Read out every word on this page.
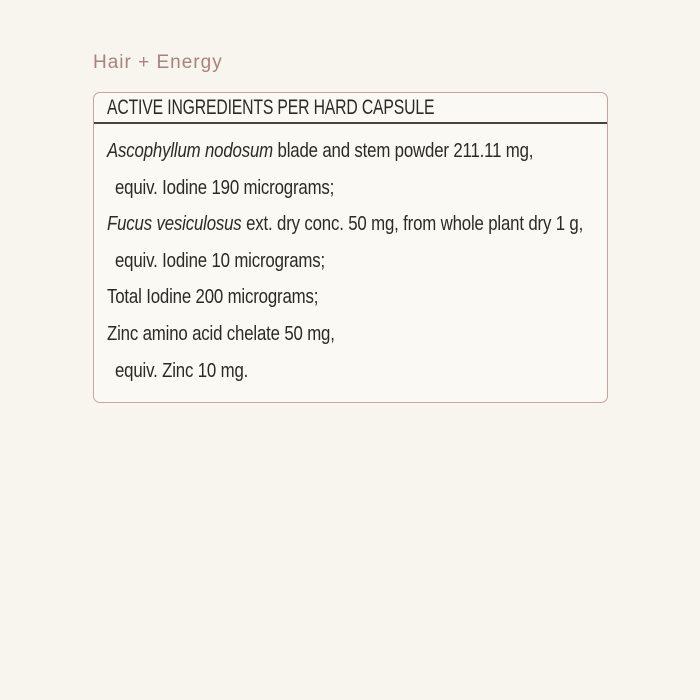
Hair + Energy
ACTIVE INGREDIENTS PER HARD CAPSULE
Ascophyllum nodosum blade and stem powder 211.11 mg,
equiv. Iodine 190 micrograms;
Fucus vesiculosus ext. dry conc. 50 mg, from whole plant dry 1 g,
equiv. Iodine 10 micrograms;
Total Iodine 200 micrograms;
Zinc amino acid chelate 50 mg,
equiv. Zinc 10 mg.
